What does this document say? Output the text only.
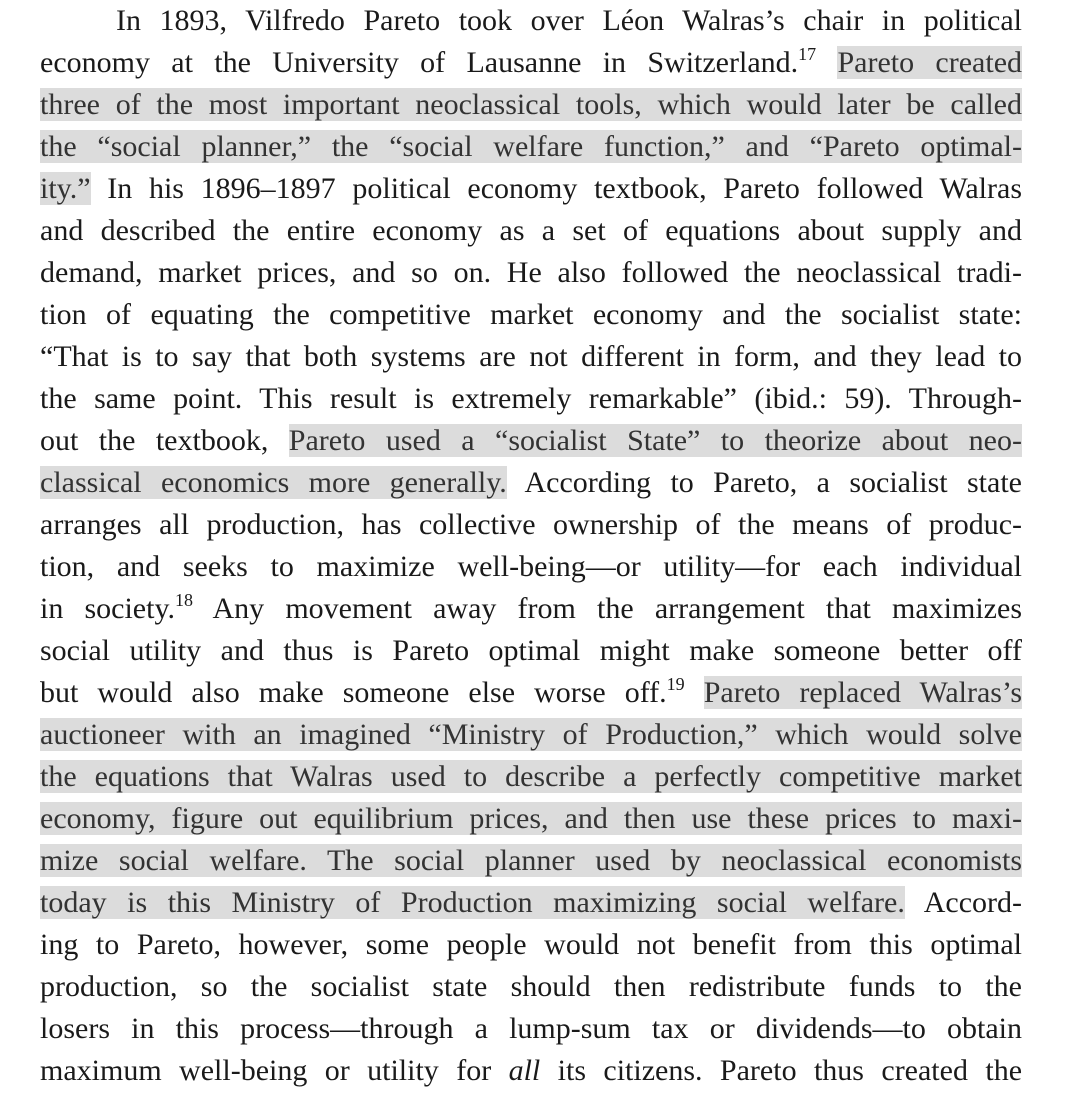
In 1893, Vilfredo Pareto took over Léon Walras’s chair in political
economy at the University of Lausanne in Switzerland.$^{17}$ Pareto created
three of the most important neoclassical tools, which would later be called
the “social planner,” the “social welfare function,” and “Pareto optimal-
ity.” In his 1896–1897 political economy textbook, Pareto followed Walras
and described the entire economy as a set of equations about supply and
demand, market prices, and so on. He also followed the neoclassical tradi-
tion of equating the competitive market economy and the socialist state:
“That is to say that both systems are not different in form, and they lead to
the same point. This result is extremely remarkable” (ibid.: 59). Through-
out the textbook, Pareto used a “socialist State” to theorize about neo-
classical economics more generally. According to Pareto, a socialist state
arranges all production, has collective ownership of the means of produc-
tion, and seeks to maximize well-being—or utility—for each individual
in society.$^{18}$ Any movement away from the arrangement that maximizes
social utility and thus is Pareto optimal might make someone better off
but would also make someone else worse off.$^{19}$ Pareto replaced Walras’s
auctioneer with an imagined “Ministry of Production,” which would solve
the equations that Walras used to describe a perfectly competitive market
economy, figure out equilibrium prices, and then use these prices to maxi-
mize social welfare. The social planner used by neoclassical economists
today is this Ministry of Production maximizing social welfare. Accord-
ing to Pareto, however, some people would not benefit from this optimal
production, so the socialist state should then redistribute funds to the
losers in this process—through a lump-sum tax or dividends—to obtain
maximum well-being or utility for all its citizens. Pareto thus created the
